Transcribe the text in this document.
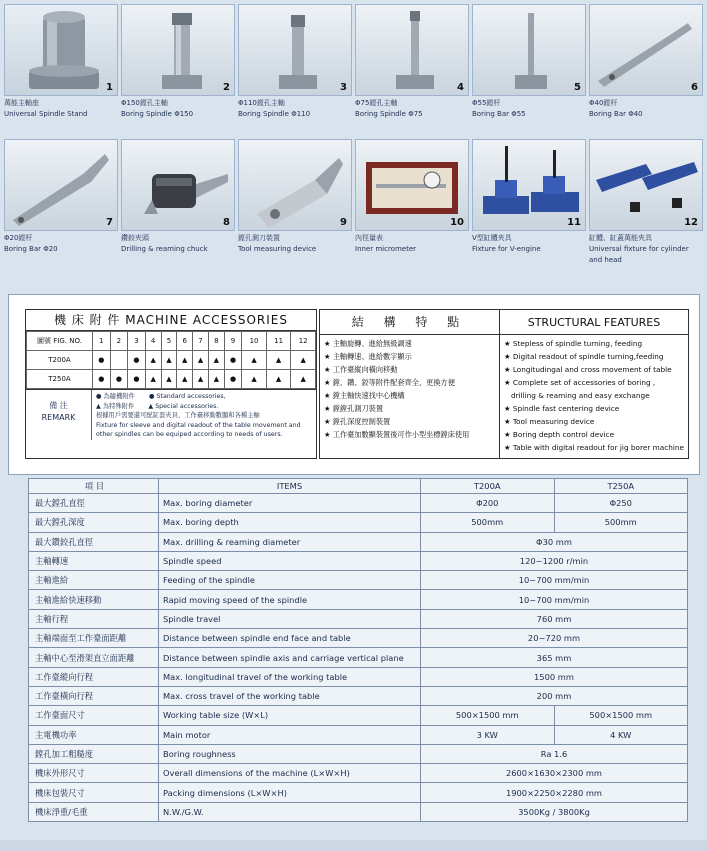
1
萬能主軸座
Universal Spindle Stand
2
Φ150鏜孔主軸
Boring Spindle Φ150
3
Φ110鏜孔主軸
Boring Spindle Φ110
4
Φ75鏜孔主軸
Boring Spindle Φ75
5
Φ55鏜杆
Boring Bar Φ55
6
Φ40鏜杆
Boring Bar Φ40
7
Φ20鏜杆
Boring Bar Φ20
8
鑽鉸夾頭
Drilling & reaming chuck
9
鏜孔測刀裝置
Tool measuring device
10
內徑量表
Inner micrometer
11
V型缸體夾具
Fixture for V-engine
12
缸體、缸蓋萬能夾具
Universal fixture for cylinder
and head
機 床 附 件 MACHINE ACCESSORIES
圖號 FIG. NO.	1	2	3	4	5	6	7	8	9	10	11	12
T200A	●		●	▲	▲	▲	▲	▲	●	▲	▲	▲
T250A	●	●	●	▲	▲	▲	▲	▲	●	▲	▲	▲
備 注
REMARK
● 為隨機附件 ● Standard accessories,
▲ 為特殊附件 ▲ Special accessories.
根據用戶需要還可配缸套夾具、工作臺移動數顯和各種主軸
Fixture for sleeve and digital readout of the table movement and
other spindles can be equiped according to needs of users.
結 構 特 點
★ 主軸旋轉、進給無級調速
★ 主軸轉速、進給數字顯示
★ 工作臺縱向橫向移動
★ 鏜、鑽、鉸等附件配套齊全、更換方便
★ 鏜主軸快速找中心機構
★ 鏜鏜孔測刀裝置
★ 鏜孔深度控制裝置
★ 工作臺加數顯裝置後可作小型坐標鏜床使用
STRUCTURAL FEATURES
★ Stepless of spindle turning, feeding
★ Digital readout of spindle turning,feeding
★ Longitudingal and cross movement of table
★ Complete set of accessories of boring ,
drilling & reaming and easy exchange
★ Spindle fast centering device
★ Tool measuring device
★ Boring depth control device
★ Table with digital readout for jig borer machine
項 目	ITEMS	T200A	T250A
最大鏜孔直徑	Max. boring diameter	Φ200	Φ250
最大鏜孔深度	Max. boring depth	500mm	500mm
最大鑽鉸孔直徑	Max. drilling & reaming diameter	Φ30 mm	
主軸轉速	Spindle speed	120~1200 r/min	
主軸進給	Feeding of the spindle	10~700 mm/min	
主軸進給快速移動	Rapid moving speed of the spindle	10~700 mm/min	
主軸行程	Spindle travel	760 mm	
主軸端面至工作臺面距離	Distance between spindle end face and table	20~720 mm	
主軸中心至滑架直立面距離	Distance between spindle axis and carriage vertical plane	365 mm	
工作臺縱向行程	Max. longitudinal travel of the working table	1500 mm	
工作臺橫向行程	Max. cross travel of the working table	200 mm	
工作臺面尺寸	Working table size (W×L)	500×1500 mm	500×1500 mm
主電機功率	Main motor	3 KW	4 KW
鏜孔加工粗糙度	Boring roughness	Ra 1.6	
機床外形尺寸	Overall dimensions of the machine (L×W×H)	2600×1630×2300 mm	
機床包裝尺寸	Packing dimensions (L×W×H)	1900×2250×2280 mm	
機床淨重/毛重	N.W./G.W.	3500Kg / 3800Kg	
